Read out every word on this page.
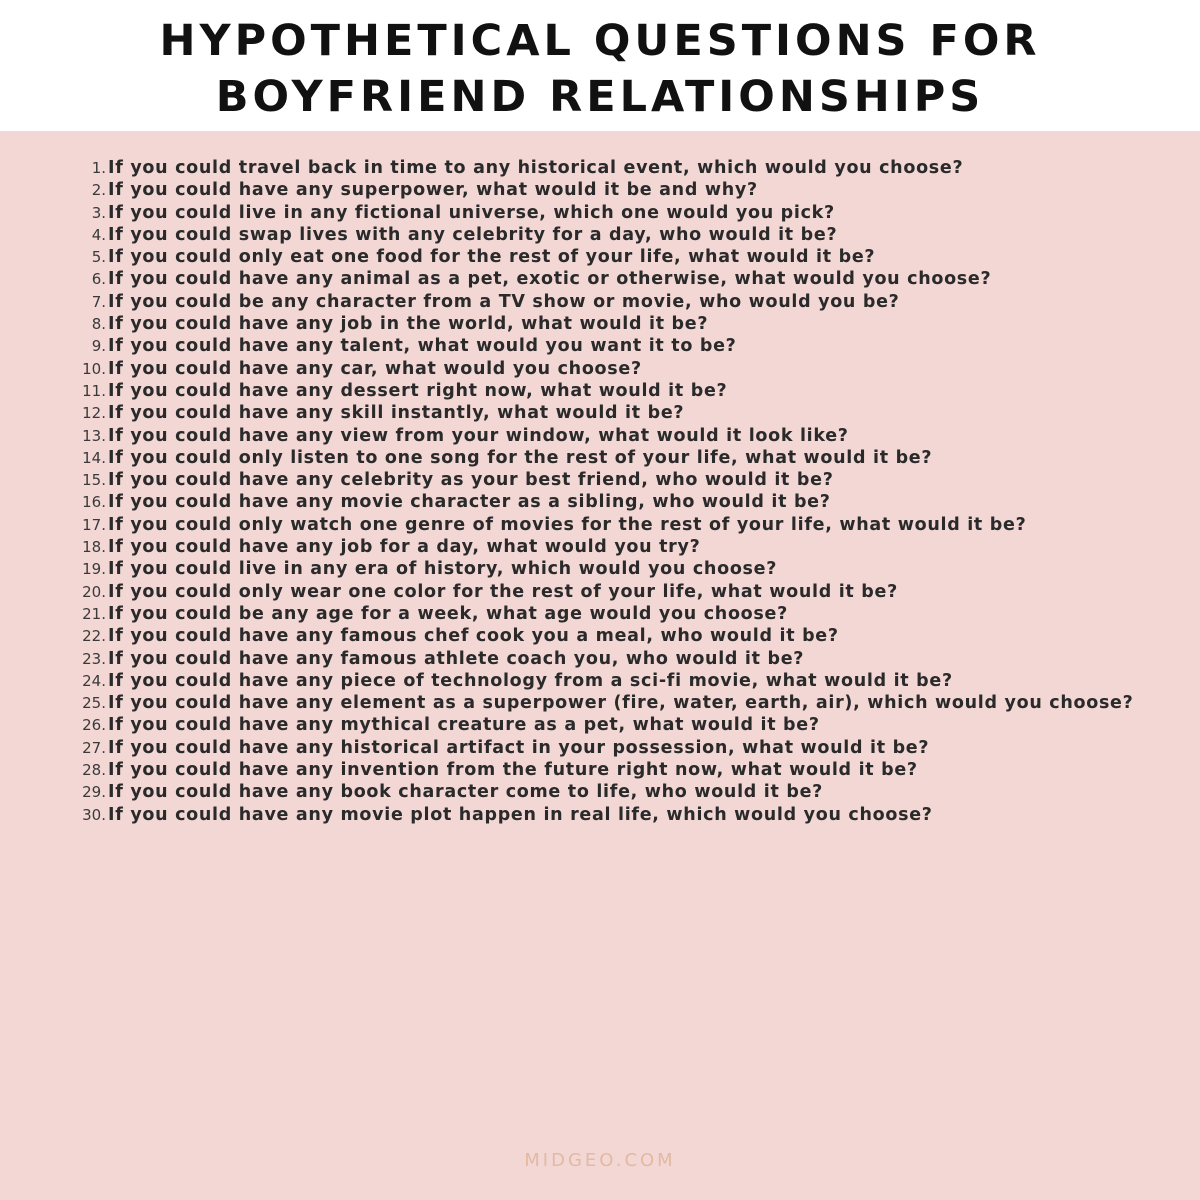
HYPOTHETICAL QUESTIONS FOR
BOYFRIEND RELATIONSHIPS
1. If you could travel back in time to any historical event, which would you choose?
2. If you could have any superpower, what would it be and why?
3. If you could live in any fictional universe, which one would you pick?
4. If you could swap lives with any celebrity for a day, who would it be?
5. If you could only eat one food for the rest of your life, what would it be?
6. If you could have any animal as a pet, exotic or otherwise, what would you choose?
7. If you could be any character from a TV show or movie, who would you be?
8. If you could have any job in the world, what would it be?
9. If you could have any talent, what would you want it to be?
10. If you could have any car, what would you choose?
11. If you could have any dessert right now, what would it be?
12. If you could have any skill instantly, what would it be?
13. If you could have any view from your window, what would it look like?
14. If you could only listen to one song for the rest of your life, what would it be?
15. If you could have any celebrity as your best friend, who would it be?
16. If you could have any movie character as a sibling, who would it be?
17. If you could only watch one genre of movies for the rest of your life, what would it be?
18. If you could have any job for a day, what would you try?
19. If you could live in any era of history, which would you choose?
20. If you could only wear one color for the rest of your life, what would it be?
21. If you could be any age for a week, what age would you choose?
22. If you could have any famous chef cook you a meal, who would it be?
23. If you could have any famous athlete coach you, who would it be?
24. If you could have any piece of technology from a sci-fi movie, what would it be?
25. If you could have any element as a superpower (fire, water, earth, air), which would you choose?
26. If you could have any mythical creature as a pet, what would it be?
27. If you could have any historical artifact in your possession, what would it be?
28. If you could have any invention from the future right now, what would it be?
29. If you could have any book character come to life, who would it be?
30. If you could have any movie plot happen in real life, which would you choose?
MIDGEO.COM
